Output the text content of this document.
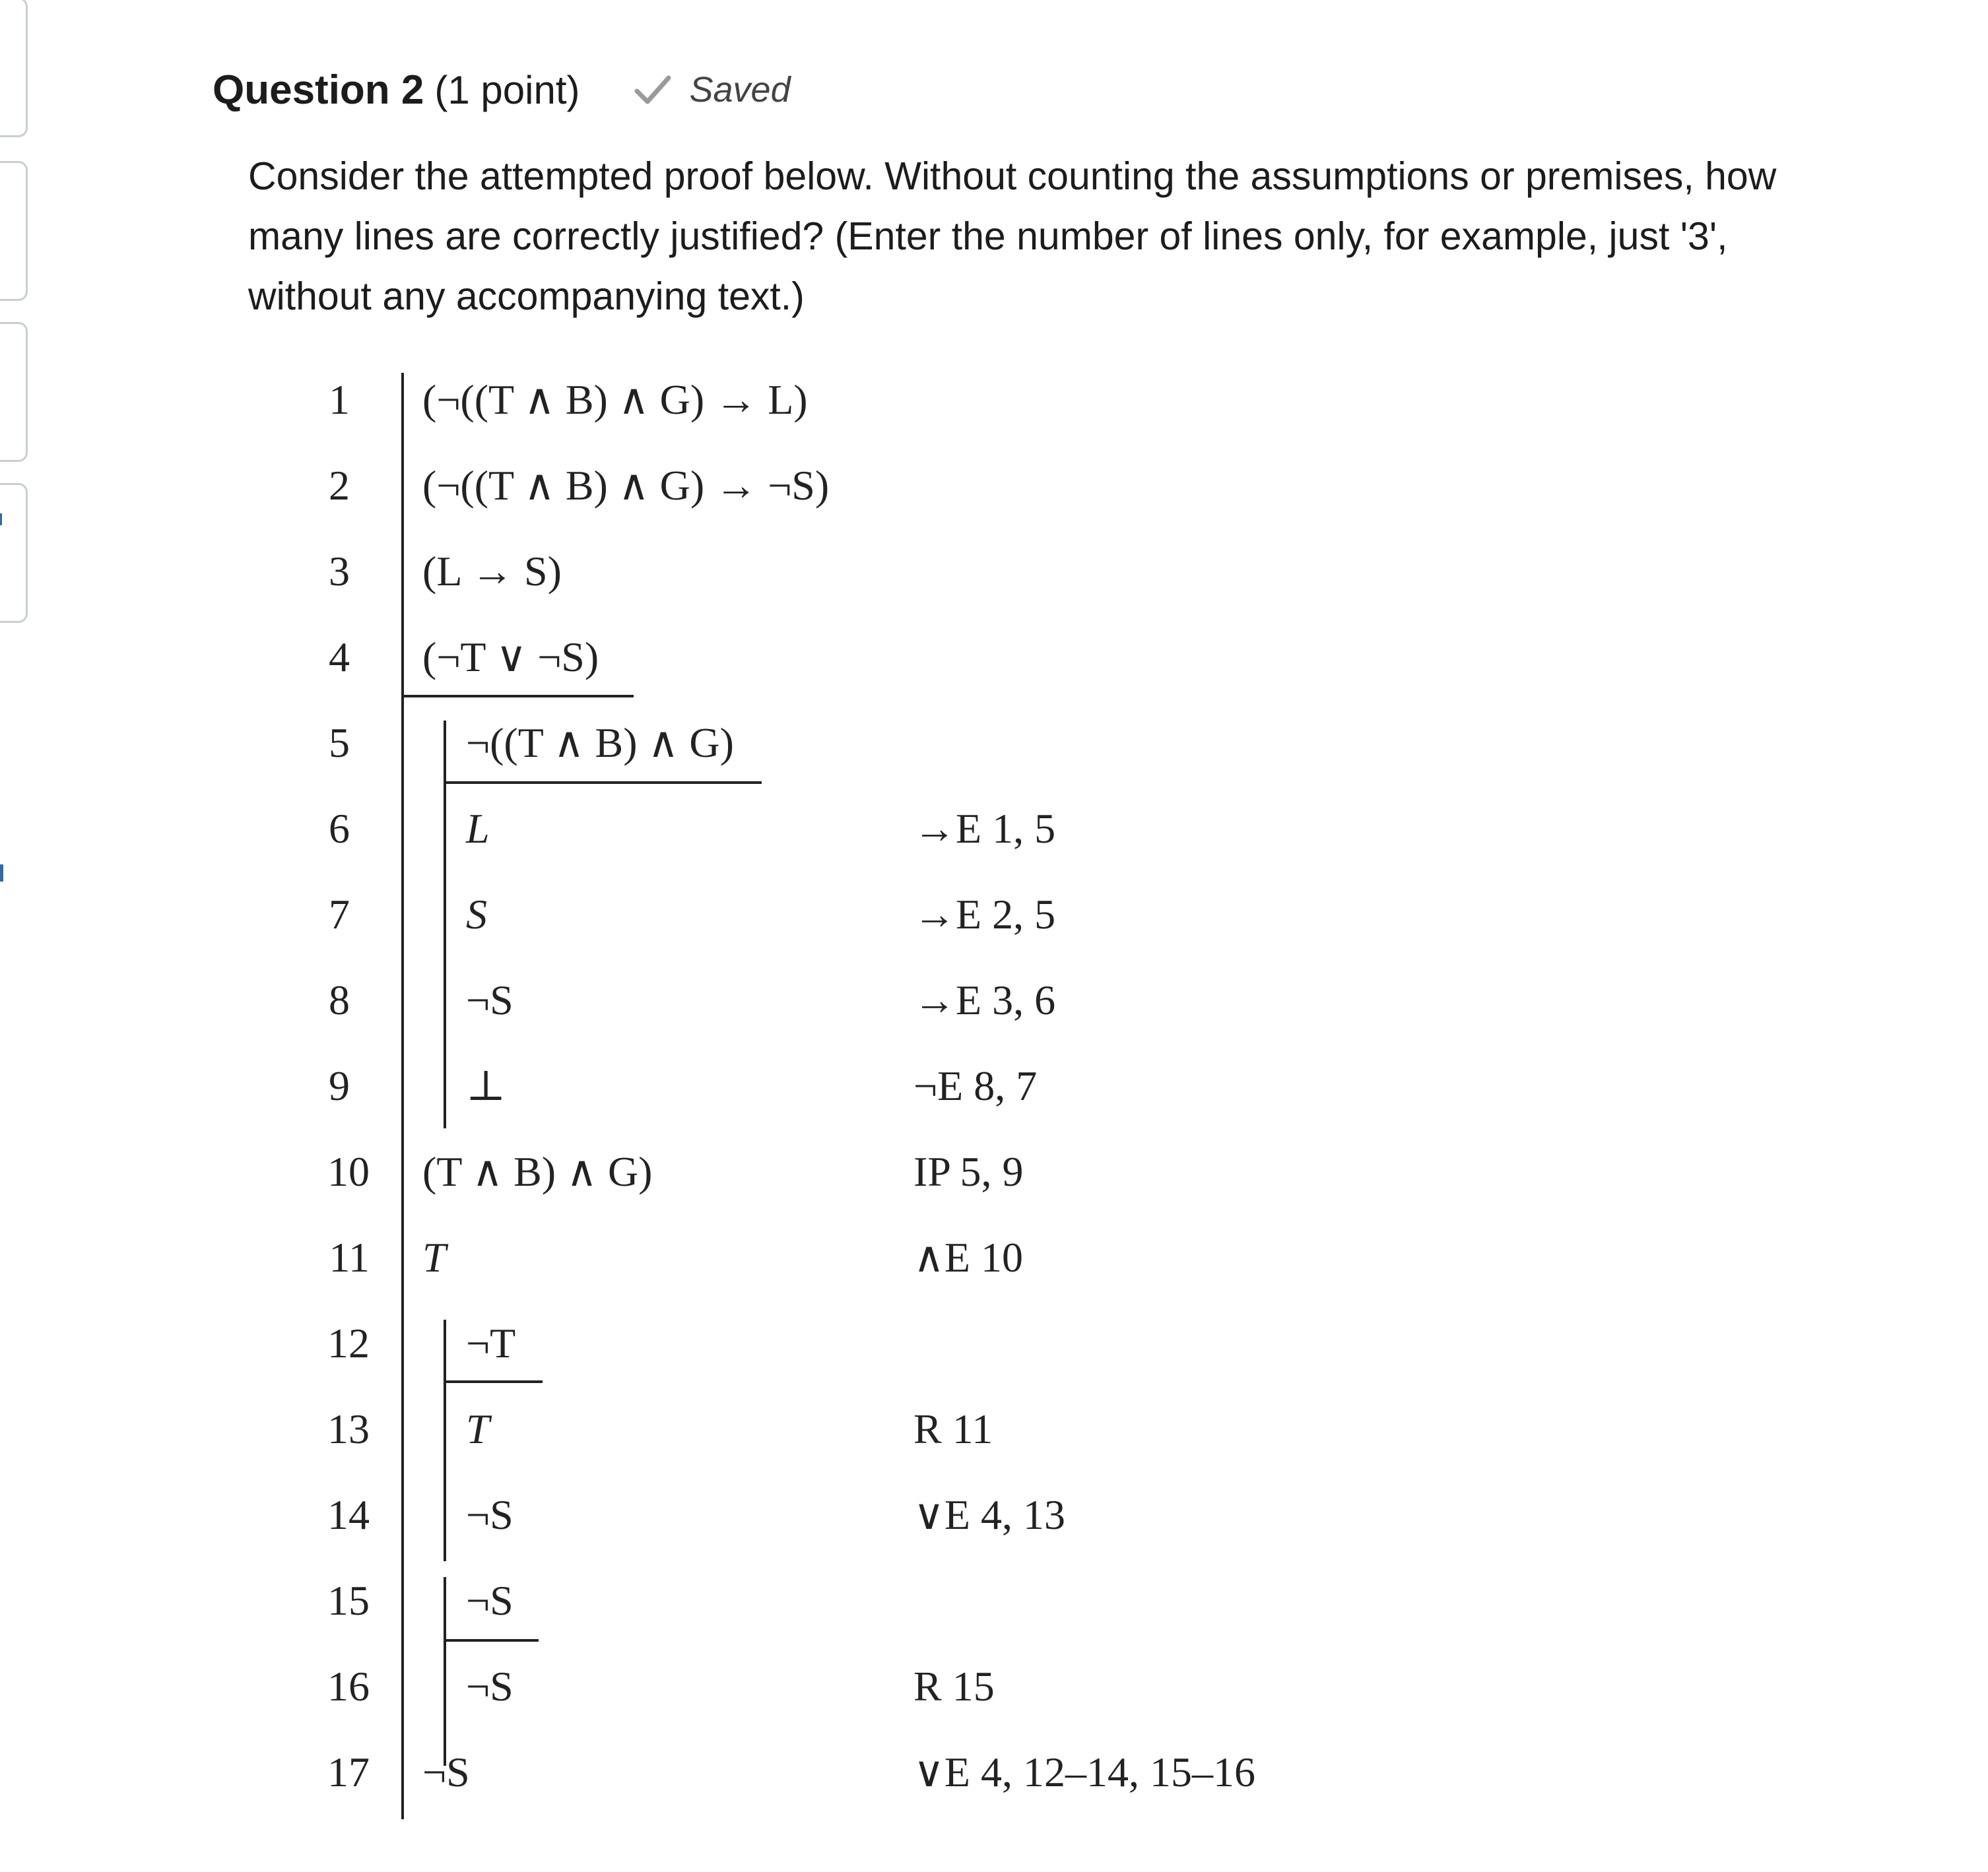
Question 2 (1 point)	Saved

Consider the attempted proof below. Without counting the assumptions or premises, how many lines are correctly justified? (Enter the number of lines only, for example, just '3', without any accompanying text.)

1
2
3
4
5
6
7
8
9
10
11
12
13
14
15
16
17
(¬((T ∧ B) ∧ G) → L)
(¬((T ∧ B) ∧ G) → ¬S)
(L → S)
(¬T ∨ ¬S)
¬((T ∧ B) ∧ G)
L
S
¬S
⊥
(T ∧ B) ∧ G)
T
¬T
T
¬S
¬S
¬S
¬S
→E 1, 5
→E 2, 5
→E 3, 6
¬E 8, 7
IP 5, 9
∧E 10
R 11
∨E 4, 13
R 15
∨E 4, 12–14, 15–16
